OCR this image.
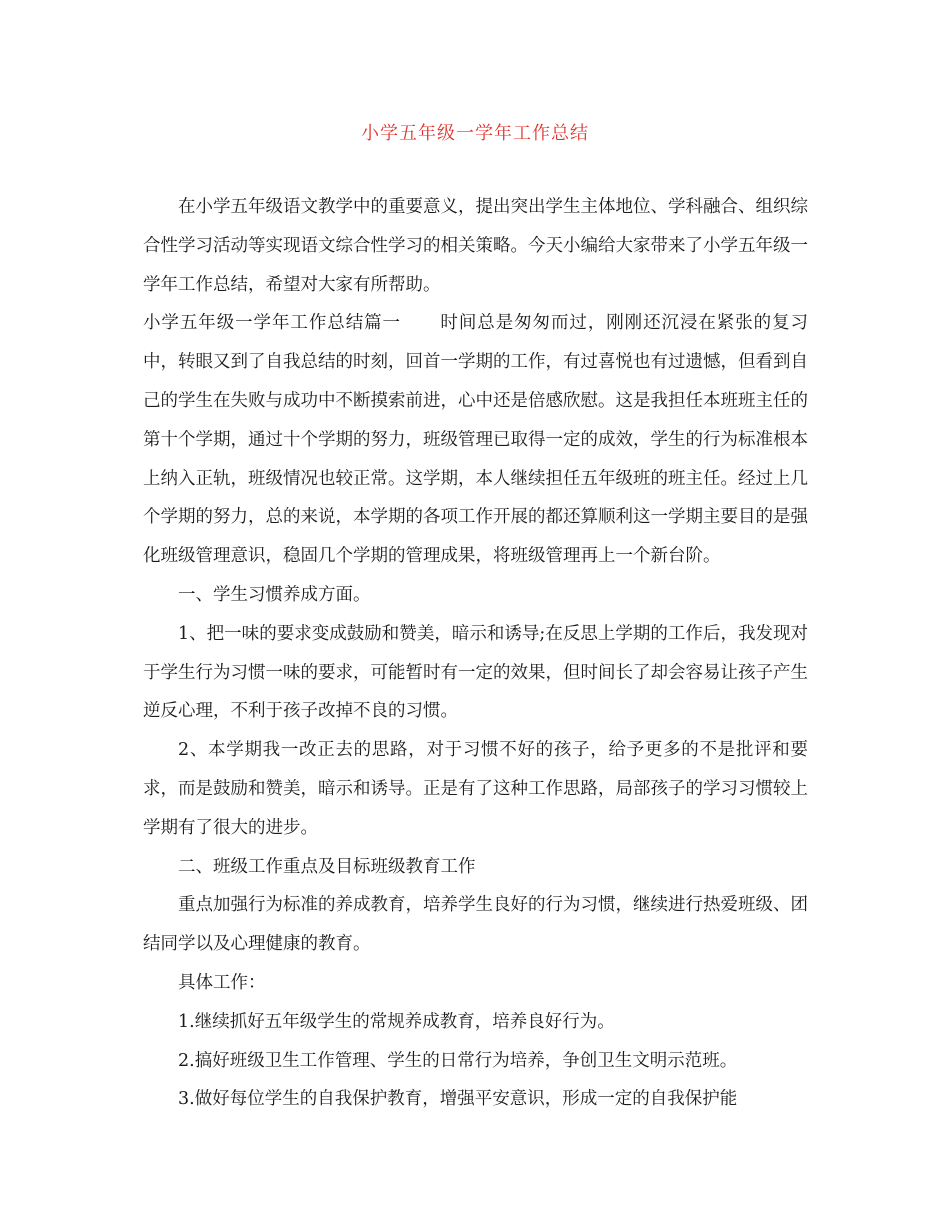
小学五年级一学年工作总结

在小学五年级语文教学中的重要意义，提出突出学生主体地位、学科融合、组织综合性学习活动等实现语文综合性学习的相关策略。今天小编给大家带来了小学五年级一学年工作总结，希望对大家有所帮助。

小学五年级一学年工作总结篇一 时间总是匆匆而过，刚刚还沉浸在紧张的复习中，转眼又到了自我总结的时刻，回首一学期的工作，有过喜悦也有过遗憾，但看到自己的学生在失败与成功中不断摸索前进，心中还是倍感欣慰。这是我担任本班班主任的第十个学期，通过十个学期的努力，班级管理已取得一定的成效，学生的行为标准根本上纳入正轨，班级情况也较正常。这学期，本人继续担任五年级班的班主任。经过上几个学期的努力，总的来说，本学期的各项工作开展的都还算顺利这一学期主要目的是强化班级管理意识，稳固几个学期的管理成果，将班级管理再上一个新台阶。

一、学生习惯养成方面。

1、把一味的要求变成鼓励和赞美，暗示和诱导;在反思上学期的工作后，我发现对于学生行为习惯一味的要求，可能暂时有一定的效果，但时间长了却会容易让孩子产生逆反心理，不利于孩子改掉不良的习惯。

2、本学期我一改正去的思路，对于习惯不好的孩子，给予更多的不是批评和要求，而是鼓励和赞美，暗示和诱导。正是有了这种工作思路，局部孩子的学习习惯较上学期有了很大的进步。

二、班级工作重点及目标班级教育工作

重点加强行为标准的养成教育，培养学生良好的行为习惯，继续进行热爱班级、团结同学以及心理健康的教育。

具体工作：

1.继续抓好五年级学生的常规养成教育，培养良好行为。

2.搞好班级卫生工作管理、学生的日常行为培养，争创卫生文明示范班。

3.做好每位学生的自我保护教育，增强平安意识，形成一定的自我保护能
